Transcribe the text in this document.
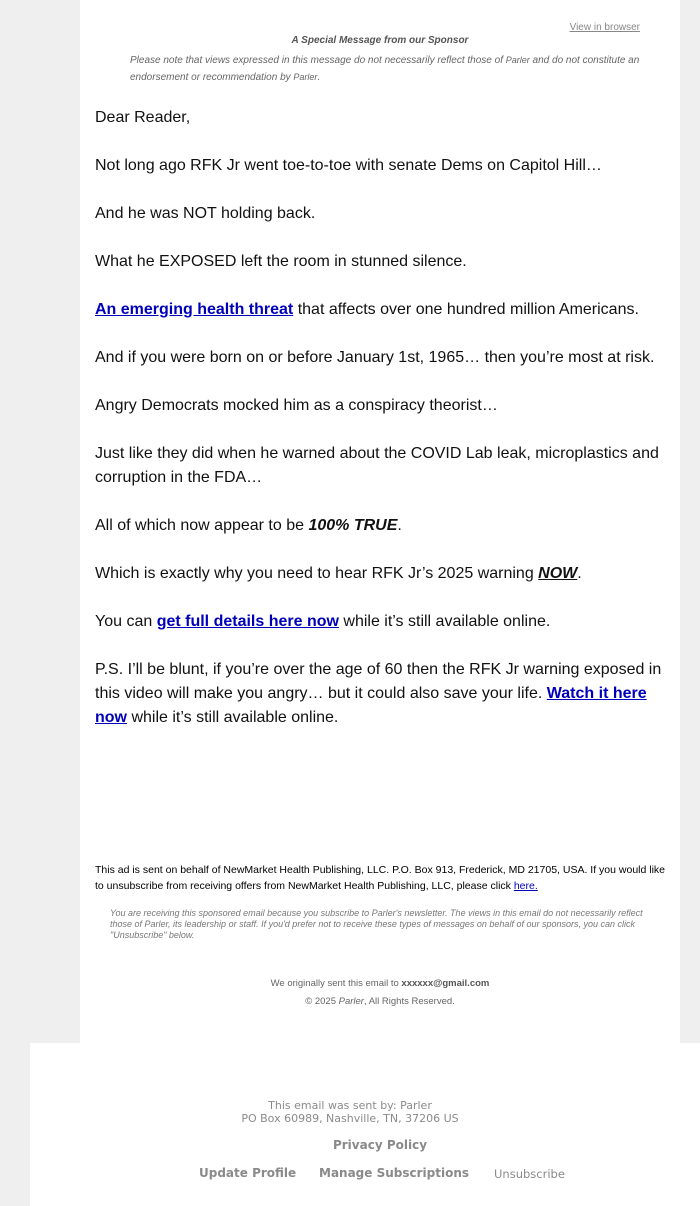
View in browser
A Special Message from our Sponsor
Please note that views expressed in this message do not necessarily reflect those of Parler and do not constitute an endorsement or recommendation by Parler.

Dear Reader,

Not long ago RFK Jr went toe-to-toe with senate Dems on Capitol Hill…

And he was NOT holding back.

What he EXPOSED left the room in stunned silence.

An emerging health threat that affects over one hundred million Americans.

And if you were born on or before January 1st, 1965… then you’re most at risk.

Angry Democrats mocked him as a conspiracy theorist…

Just like they did when he warned about the COVID Lab leak, microplastics and corruption in the FDA…

All of which now appear to be 100% TRUE.

Which is exactly why you need to hear RFK Jr’s 2025 warning NOW.

You can get full details here now while it’s still available online.

P.S. I’ll be blunt, if you’re over the age of 60 then the RFK Jr warning exposed in this video will make you angry… but it could also save your life. Watch it here now while it’s still available online.

This ad is sent on behalf of NewMarket Health Publishing, LLC. P.O. Box 913, Frederick, MD 21705, USA. If you would like to unsubscribe from receiving offers from NewMarket Health Publishing, LLC, please click here.
You are receiving this sponsored email because you subscribe to Parler's newsletter. The views in this email do not necessarily reflect those of Parler, its leadership or staff. If you'd prefer not to receive these types of messages on behalf of our sponsors, you can click "Unsubscribe" below.
We originally sent this email to xxxxxx@gmail.com
© 2025 Parler, All Rights Reserved.
This email was sent by: Parler
PO Box 60989, Nashville, TN, 37206 US
Privacy Policy
Update Profile Manage Subscriptions Unsubscribe
